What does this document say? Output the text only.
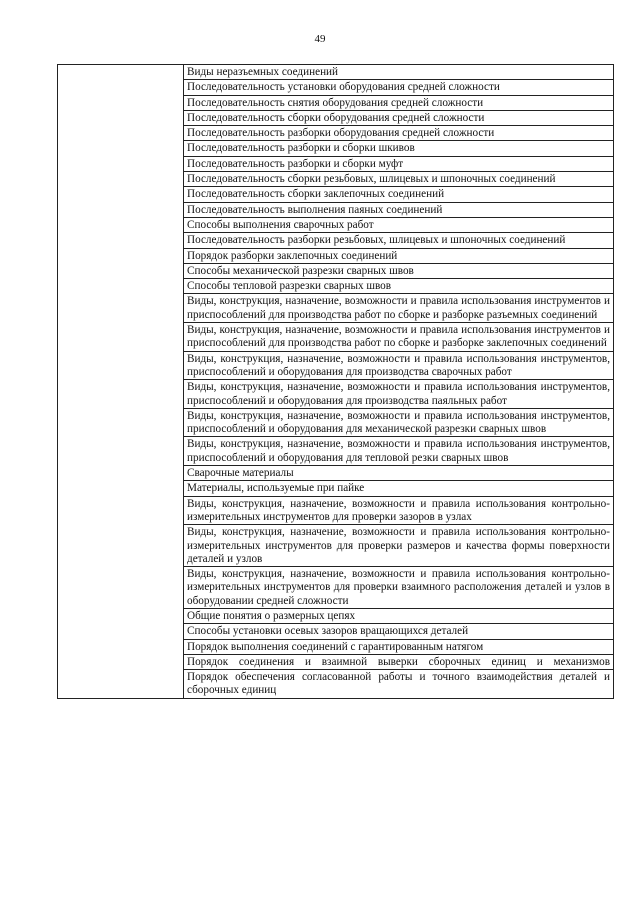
49
	Виды неразъемных соединений
Последовательность установки оборудования средней сложности
Последовательность снятия оборудования средней сложности
Последовательность сборки оборудования средней сложности
Последовательность разборки оборудования средней сложности
Последовательность разборки и сборки шкивов
Последовательность разборки и сборки муфт
Последовательность сборки резьбовых, шлицевых и шпоночных соединений
Последовательность сборки заклепочных соединений
Последовательность выполнения паяных соединений
Способы выполнения сварочных работ
Последовательность разборки резьбовых, шлицевых и шпоночных соединений
Порядок разборки заклепочных соединений
Способы механической разрезки сварных швов
Способы тепловой разрезки сварных швов
Виды, конструкция, назначение, возможности и правила использования инструментов и приспособлений для производства работ по сборке и разборке разъемных соединений
Виды, конструкция, назначение, возможности и правила использования инструментов и приспособлений для производства работ по сборке и разборке заклепочных соединений
Виды, конструкция, назначение, возможности и правила использования инструментов, приспособлений и оборудования для производства сварочных работ
Виды, конструкция, назначение, возможности и правила использования инструментов, приспособлений и оборудования для производства паяльных работ
Виды, конструкция, назначение, возможности и правила использования инструментов, приспособлений и оборудования для механической разрезки сварных швов
Виды, конструкция, назначение, возможности и правила использования инструментов, приспособлений и оборудования для тепловой резки сварных швов
Сварочные материалы
Материалы, используемые при пайке
Виды, конструкция, назначение, возможности и правила использования контрольно-измерительных инструментов для проверки зазоров в узлах
Виды, конструкция, назначение, возможности и правила использования контрольно-измерительных инструментов для проверки размеров и качества формы поверхности деталей и узлов
Виды, конструкция, назначение, возможности и правила использования контрольно-измерительных инструментов для проверки взаимного расположения деталей и узлов в оборудовании средней сложности
Общие понятия о размерных цепях
Способы установки осевых зазоров вращающихся деталей
Порядок выполнения соединений с гарантированным натягом
Порядок соединения и взаимной выверки сборочных единиц и механизмов
Порядок обеспечения согласованной работы и точного взаимодействия деталей и сборочных единиц
